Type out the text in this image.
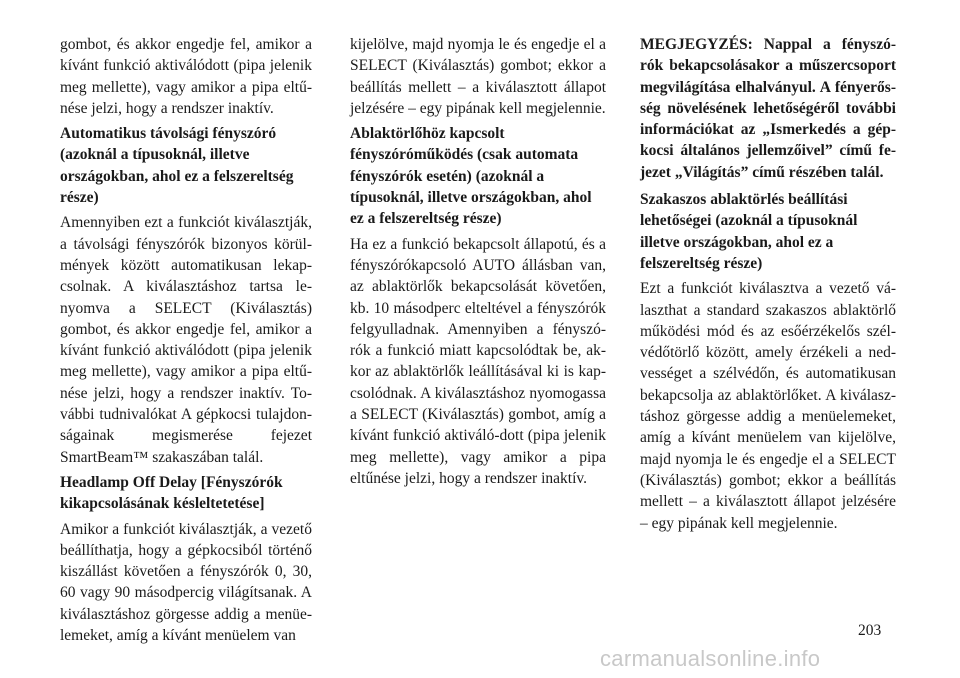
gombot, és akkor engedje fel, amikor a kívánt funkció aktiválódott (pipa jelenik meg mellette), vagy amikor a pipa eltű-nése jelzi, hogy a rendszer inaktív.

Automatikus távolsági fényszóró (azoknál a típusoknál, illetve országokban, ahol ez a felszereltség része)

Amennyiben ezt a funkciót kiválasztják, a távolsági fényszórók bizonyos körül-mények között automatikusan lekap-csolnak. A kiválasztáshoz tartsa le-nyomva a SELECT (Kiválasztás) gombot, és akkor engedje fel, amikor a kívánt funkció aktiválódott (pipa jelenik meg mellette), vagy amikor a pipa eltű-nése jelzi, hogy a rendszer inaktív. To-vábbi tudnivalókat A gépkocsi tulajdon-ságainak megismerése fejezet SmartBeam™ szakaszában talál.

Headlamp Off Delay [Fényszórók kikapcsolásának késleltetetése]

Amikor a funkciót kiválasztják, a vezető beállíthatja, hogy a gépkocsiból történő kiszállást követően a fényszórók 0, 30, 60 vagy 90 másodpercig világítsanak. A kiválasztáshoz görgesse addig a menüe-lemeket, amíg a kívánt menüelem van

kijelölve, majd nyomja le és engedje el a SELECT (Kiválasztás) gombot; ekkor a beállítás mellett – a kiválasztott állapot jelzésére – egy pipának kell megjelennie.

Ablaktörlőhöz kapcsolt fényszóróműködés (csak automata fényszórók esetén) (azoknál a típusoknál, illetve országokban, ahol ez a felszereltség része)

Ha ez a funkció bekapcsolt állapotú, és a fényszórókapcsoló AUTO állásban van, az ablaktörlők bekapcsolását követően, kb. 10 másodperc elteltével a fényszórók felgyulladnak. Amennyiben a fényszó-rók a funkció miatt kapcsolódtak be, ak-kor az ablaktörlők leállításával ki is kap-csolódnak. A kiválasztáshoz nyomogassa a SELECT (Kiválasztás) gombot, amíg a kívánt funkció aktiváló-dott (pipa jelenik meg mellette), vagy amikor a pipa eltűnése jelzi, hogy a rendszer inaktív.

MEGJEGYZÉS: Nappal a fényszó-rók bekapcsolásakor a műszercsoport megvilágítása elhalványul. A fényerős-ség növelésének lehetőségéről további információkat az „Ismerkedés a gép-kocsi általános jellemzőivel” című fe-jezet „Világítás” című részében talál.

Szakaszos ablaktörlés beállítási lehetőségei (azoknál a típusoknál illetve országokban, ahol ez a felszereltség része)

Ezt a funkciót kiválasztva a vezető vá-laszthat a standard szakaszos ablaktörlő működési mód és az esőérzékelős szél-védőtörlő között, amely érzékeli a ned-vességet a szélvédőn, és automatikusan bekapcsolja az ablaktörlőket. A kiválasz-táshoz görgesse addig a menüelemeket, amíg a kívánt menüelem van kijelölve, majd nyomja le és engedje el a SELECT (Kiválasztás) gombot; ekkor a beállítás mellett – a kiválasztott állapot jelzésére – egy pipának kell megjelennie.

203
carmanualsonline.info
